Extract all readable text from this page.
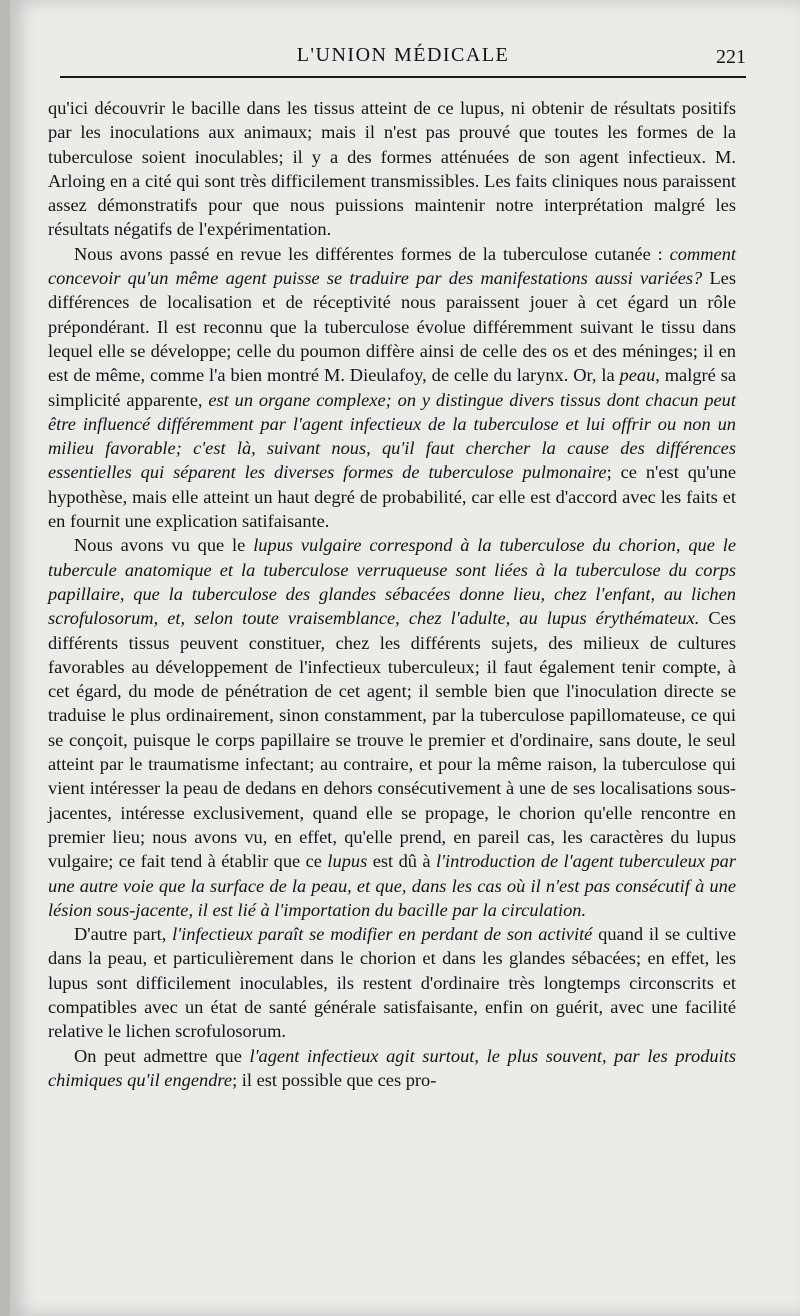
L'UNION MÉDICALE	221

qu'ici découvrir le bacille dans les tissus atteint de ce lupus, ni obtenir de résultats positifs par les inoculations aux animaux; mais il n'est pas prouvé que toutes les formes de la tuberculose soient inoculables; il y a des formes atténuées de son agent infectieux. M. Arloing en a cité qui sont très difficilement transmissibles. Les faits cliniques nous paraissent assez démonstratifs pour que nous puissions maintenir notre interprétation malgré les résultats négatifs de l'expérimentation.

Nous avons passé en revue les différentes formes de la tuberculose cutanée : comment concevoir qu'un même agent puisse se traduire par des manifestations aussi variées? Les différences de localisation et de réceptivité nous paraissent jouer à cet égard un rôle prépondérant. Il est reconnu que la tuberculose évolue différemment suivant le tissu dans lequel elle se développe; celle du poumon diffère ainsi de celle des os et des méninges; il en est de même, comme l'a bien montré M. Dieulafoy, de celle du larynx. Or, la peau, malgré sa simplicité apparente, est un organe complexe; on y distingue divers tissus dont chacun peut être influencé différemment par l'agent infectieux de la tuberculose et lui offrir ou non un milieu favorable; c'est là, suivant nous, qu'il faut chercher la cause des différences essentielles qui séparent les diverses formes de tuberculose pulmonaire; ce n'est qu'une hypothèse, mais elle atteint un haut degré de probabilité, car elle est d'accord avec les faits et en fournit une explication satifaisante.

Nous avons vu que le lupus vulgaire correspond à la tuberculose du chorion, que le tubercule anatomique et la tuberculose verruqueuse sont liées à la tuberculose du corps papillaire, que la tuberculose des glandes sébacées donne lieu, chez l'enfant, au lichen scrofulosorum, et, selon toute vraisemblance, chez l'adulte, au lupus érythémateux. Ces différents tissus peuvent constituer, chez les différents sujets, des milieux de cultures favorables au développement de l'infectieux tuberculeux; il faut également tenir compte, à cet égard, du mode de pénétration de cet agent; il semble bien que l'inoculation directe se traduise le plus ordinairement, sinon constamment, par la tuberculose papillomateuse, ce qui se conçoit, puisque le corps papillaire se trouve le premier et d'ordinaire, sans doute, le seul atteint par le traumatisme infectant; au contraire, et pour la même raison, la tuberculose qui vient intéresser la peau de dedans en dehors consécutivement à une de ses localisations sous-jacentes, intéresse exclusivement, quand elle se propage, le chorion qu'elle rencontre en premier lieu; nous avons vu, en effet, qu'elle prend, en pareil cas, les caractères du lupus vulgaire; ce fait tend à établir que ce lupus est dû à l'introduction de l'agent tuberculeux par une autre voie que la surface de la peau, et que, dans les cas où il n'est pas consécutif à une lésion sous-jacente, il est lié à l'importation du bacille par la circulation.

D'autre part, l'infectieux paraît se modifier en perdant de son activité quand il se cultive dans la peau, et particulièrement dans le chorion et dans les glandes sébacées; en effet, les lupus sont difficilement inoculables, ils restent d'ordinaire très longtemps circonscrits et compatibles avec un état de santé générale satisfaisante, enfin on guérit, avec une facilité relative le lichen scrofulosorum.

On peut admettre que l'agent infectieux agit surtout, le plus souvent, par les produits chimiques qu'il engendre; il est possible que ces pro-
